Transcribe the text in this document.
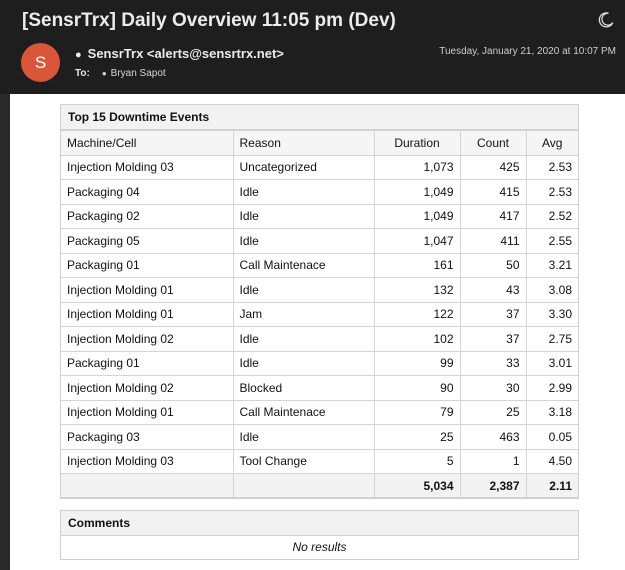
[SensrTrx] Daily Overview 11:05 pm (Dev)
S	● SensrTrx <alerts@sensrtrx.net>
To: ● Bryan Sapot
Tuesday, January 21, 2020 at 10:07 PM
Top 15 Downtime Events
Machine/Cell	Reason	Duration	Count	Avg
Injection Molding 03	Uncategorized	1,073	425	2.53
Packaging 04	Idle	1,049	415	2.53
Packaging 02	Idle	1,049	417	2.52
Packaging 05	Idle	1,047	411	2.55
Packaging 01	Call Maintenace	161	50	3.21
Injection Molding 01	Idle	132	43	3.08
Injection Molding 01	Jam	122	37	3.30
Injection Molding 02	Idle	102	37	2.75
Packaging 01	Idle	99	33	3.01
Injection Molding 02	Blocked	90	30	2.99
Injection Molding 01	Call Maintenace	79	25	3.18
Packaging 03	Idle	25	463	0.05
Injection Molding 03	Tool Change	5	1	4.50
		5,034	2,387	2.11
Comments
No results
